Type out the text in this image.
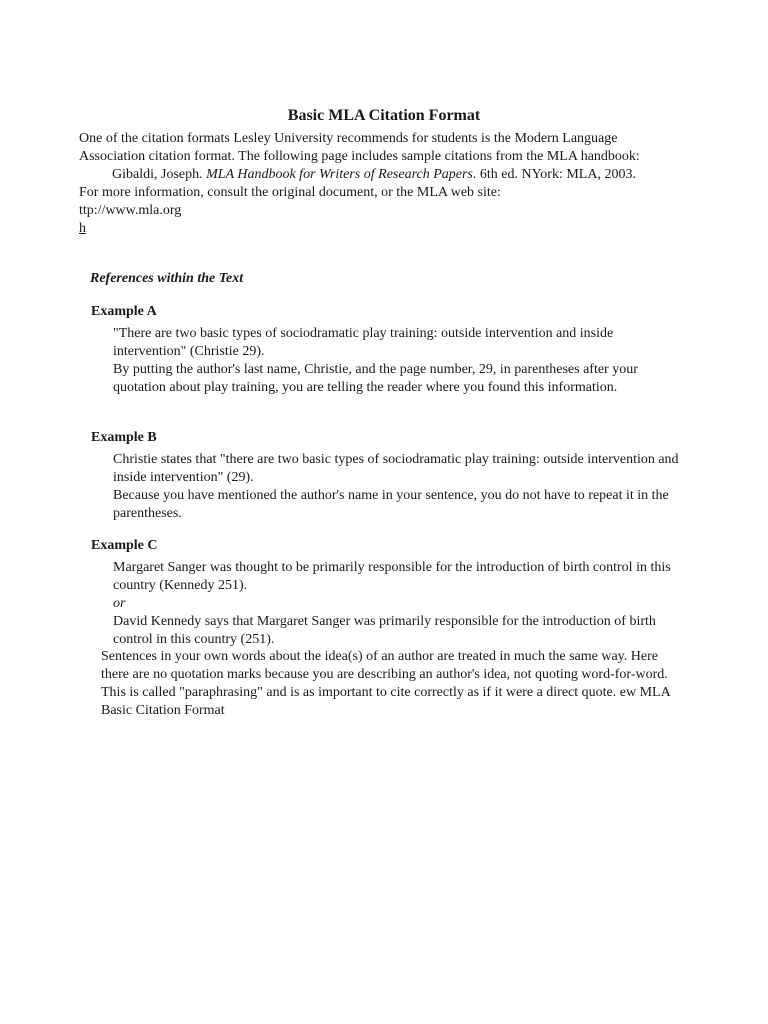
Basic MLA Citation Format

One of the citation formats Lesley University recommends for students is the Modern Language Association citation format. The following page includes sample citations from the MLA handbook:

Gibaldi, Joseph. MLA Handbook for Writers of Research Papers. 6th ed. NYork: MLA, 2003.

For more information, consult the original document, or the MLA web site:

ttp://www.mla.org

h

References within the Text
Example A

"There are two basic types of sociodramatic play training: outside intervention and inside intervention" (Christie 29).

By putting the author's last name, Christie, and the page number, 29, in parentheses after your quotation about play training, you are telling the reader where you found this information.

Example B

Christie states that "there are two basic types of sociodramatic play training: outside intervention and inside intervention" (29).

Because you have mentioned the author's name in your sentence, you do not have to repeat it in the parentheses.

Example C

Margaret Sanger was thought to be primarily responsible for the introduction of birth control in this country (Kennedy 251).

or

David Kennedy says that Margaret Sanger was primarily responsible for the introduction of birth control in this country (251).

Sentences in your own words about the idea(s) of an author are treated in much the same way. Here there are no quotation marks because you are describing an author's idea, not quoting word-for-word. This is called "paraphrasing" and is as important to cite correctly as if it were a direct quote. ew MLA Basic Citation Format
